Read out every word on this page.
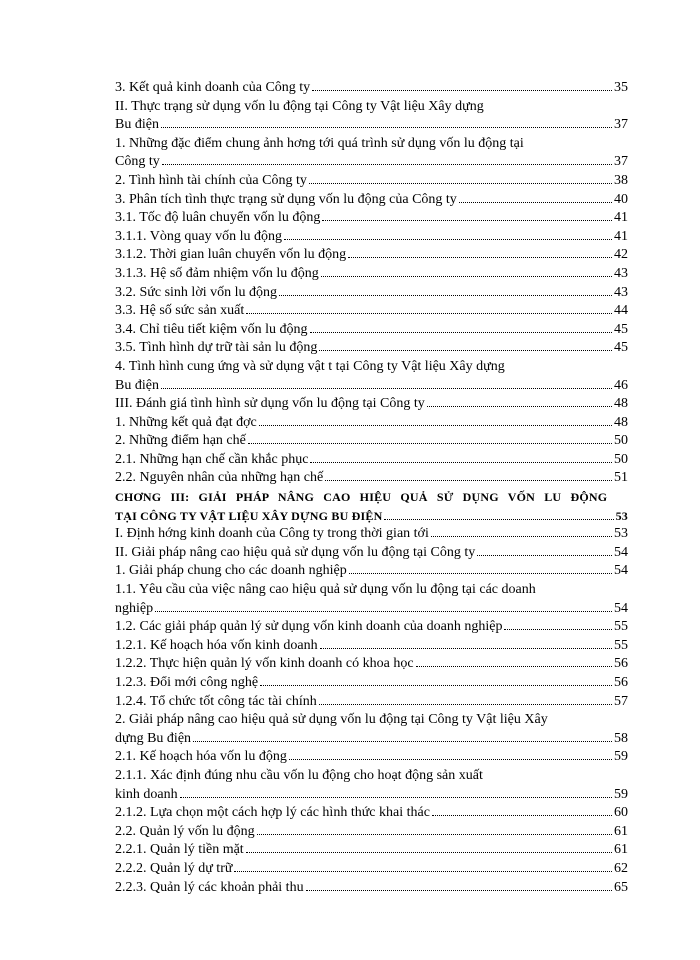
3. Kết quả kinh doanh của Công ty	35
II. Thực trạng sử dụng vốn lu động tại Công ty Vật liệu Xây dựng
Bu điện	37
1. Những đặc điểm chung ảnh hơng tới quá trình sử dụng vốn lu động tại
Công ty	37
2. Tình hình tài chính của Công ty	38
3. Phân tích tình thực trạng sử dụng vốn lu động của Công ty	40
3.1. Tốc độ luân chuyển vốn lu động	41
3.1.1. Vòng quay vốn lu động	41
3.1.2. Thời gian luân chuyển vốn lu động	42
3.1.3. Hệ số đảm nhiệm vốn lu động	43
3.2. Sức sinh lời vốn lu động	43
3.3. Hệ số sức sản xuất	44
3.4. Chỉ tiêu tiết kiệm vốn lu động	45
3.5. Tình hình dự trữ tài sản lu động	45
4. Tình hình cung ứng và sử dụng vật t tại Công ty Vật liệu Xây dựng
Bu điện	46
III. Đánh giá tình hình sử dụng vốn lu động tại Công ty	48
1. Những kết quả đạt đợc	48
2. Những điểm hạn chế	50
2.1. Những hạn chế cần khắc phục	50
2.2. Nguyên nhân của những hạn chế	51
CHƠNG III: GIẢI PHÁP NÂNG CAO HIỆU QUẢ SỬ DỤNG VỐN LU ĐỘNG
TẠI CÔNG TY VẬT LIỆU XÂY DỰNG BU ĐIỆN	53
I. Định hớng kinh doanh của Công ty trong thời gian tới	53
II. Giải pháp nâng cao hiệu quả sử dụng vốn lu động tại Công ty	54
1. Giải pháp chung cho các doanh nghiệp	54
1.1. Yêu cầu của việc nâng cao hiệu quả sử dụng vốn lu động tại các doanh
nghiệp	54
1.2. Các giải pháp quản lý sử dụng vốn kinh doanh của doanh nghiệp	55
1.2.1. Kế hoạch hóa vốn kinh doanh	55
1.2.2. Thực hiện quản lý vốn kinh doanh có khoa học	56
1.2.3. Đổi mới công nghệ	56
1.2.4. Tổ chức tốt công tác tài chính	57
2. Giải pháp nâng cao hiệu quả sử dụng vốn lu động tại Công ty Vật liệu Xây
dựng Bu điện	58
2.1. Kế hoạch hóa vốn lu động	59
2.1.1. Xác định đúng nhu cầu vốn lu động cho hoạt động sản xuất
kinh doanh	59
2.1.2. Lựa chọn một cách hợp lý các hình thức khai thác	60
2.2. Quản lý vốn lu động	61
2.2.1. Quản lý tiền mặt	61
2.2.2. Quản lý dự trữ	62
2.2.3. Quản lý các khoản phải thu	65
